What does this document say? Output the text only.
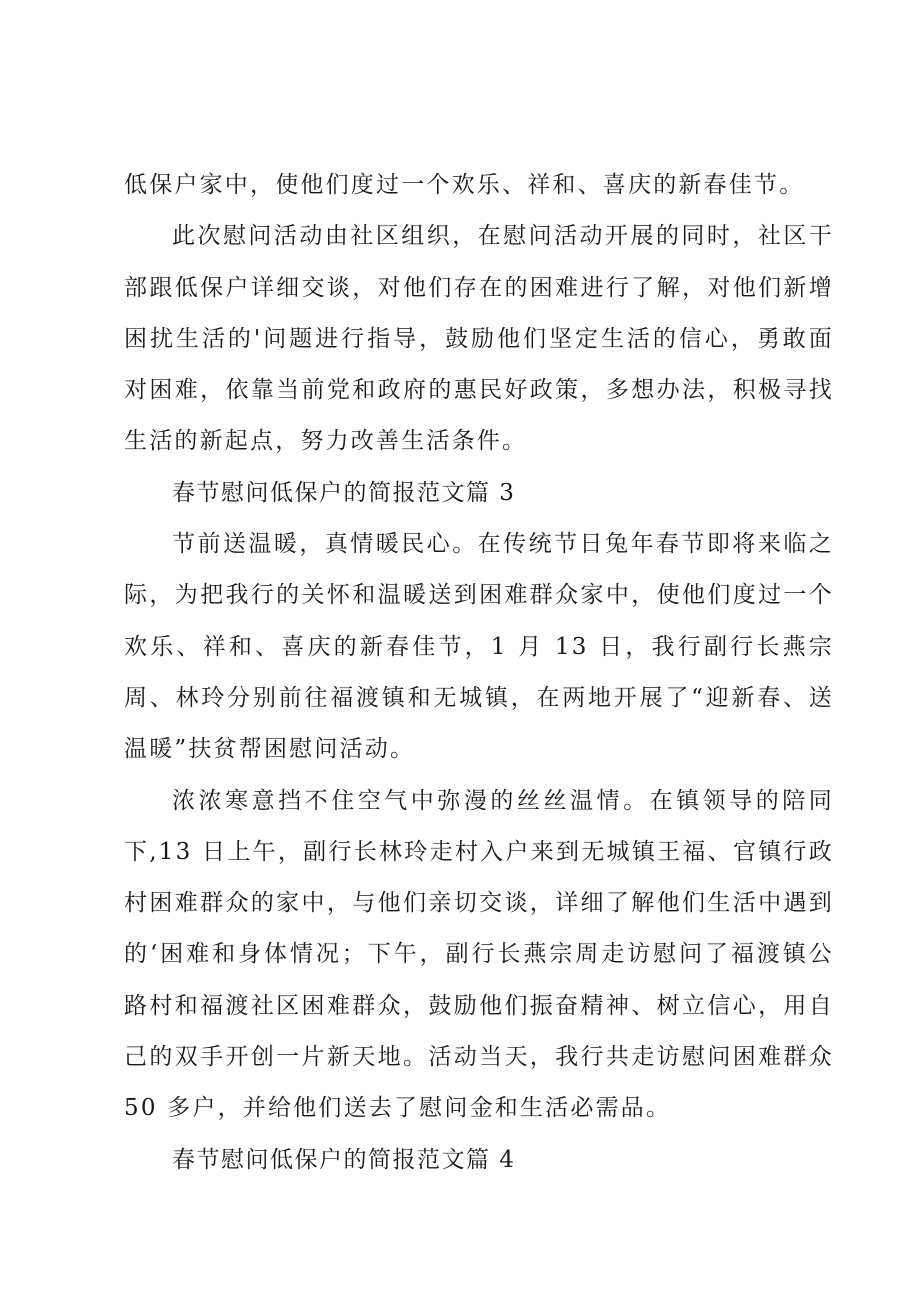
低保户家中，使他们度过一个欢乐、祥和、喜庆的新春佳节。

此次慰问活动由社区组织，在慰问活动开展的同时，社区干部跟低保户详细交谈，对他们存在的困难进行了解，对他们新增困扰生活的'问题进行指导，鼓励他们坚定生活的信心，勇敢面对困难，依靠当前党和政府的惠民好政策，多想办法，积极寻找生活的新起点，努力改善生活条件。

春节慰问低保户的简报范文篇 3

节前送温暖，真情暖民心。在传统节日兔年春节即将来临之际，为把我行的关怀和温暖送到困难群众家中，使他们度过一个欢乐、祥和、喜庆的新春佳节，1 月 13 日，我行副行长燕宗周、林玲分别前往福渡镇和无城镇，在两地开展了“迎新春、送温暖”扶贫帮困慰问活动。

浓浓寒意挡不住空气中弥漫的丝丝温情。在镇领导的陪同下,13 日上午，副行长林玲走村入户来到无城镇王福、官镇行政村困难群众的家中，与他们亲切交谈，详细了解他们生活中遇到的‘困难和身体情况；下午，副行长燕宗周走访慰问了福渡镇公路村和福渡社区困难群众，鼓励他们振奋精神、树立信心，用自己的双手开创一片新天地。活动当天，我行共走访慰问困难群众 50 多户，并给他们送去了慰问金和生活必需品。

春节慰问低保户的简报范文篇 4
